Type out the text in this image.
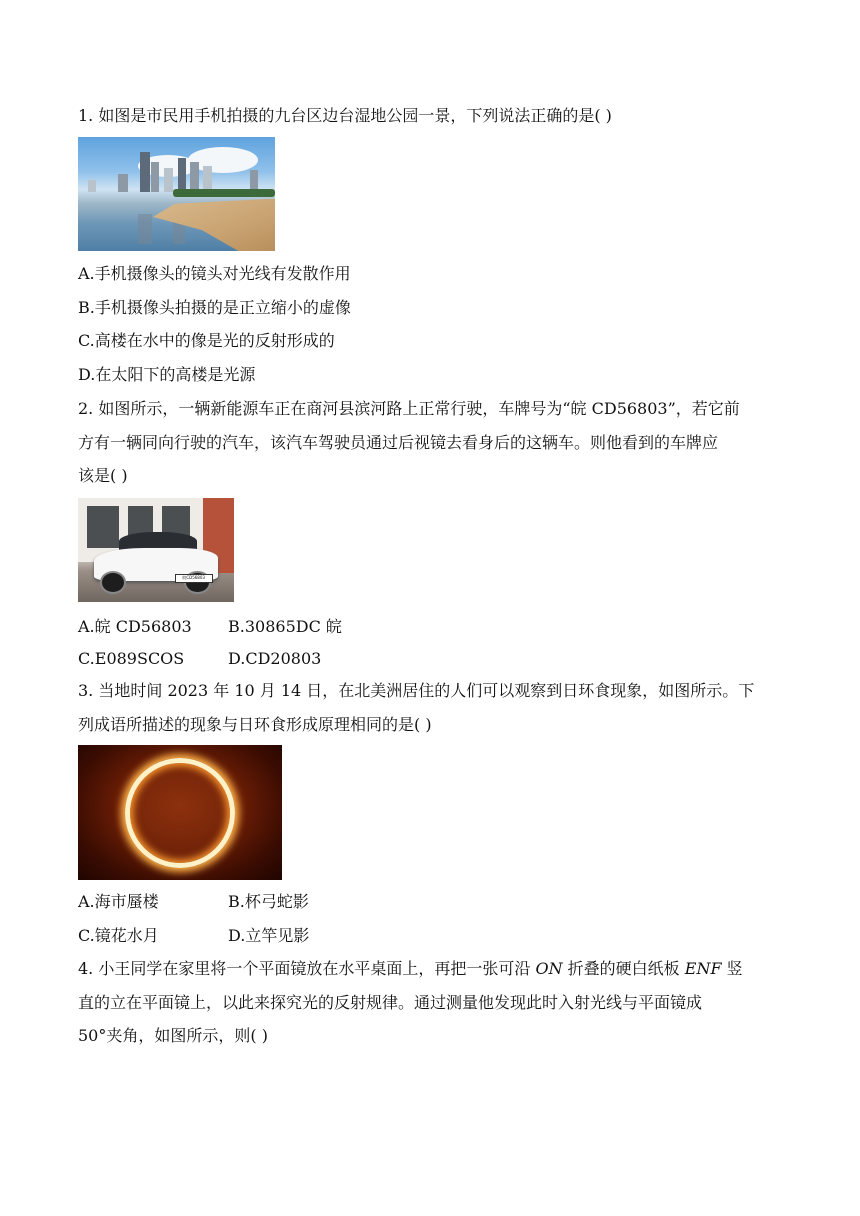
1. 如图是市民用手机拍摄的九台区边台湿地公园一景，下列说法正确的是( )
A.手机摄像头的镜头对光线有发散作用
B.手机摄像头拍摄的是正立缩小的虚像
C.高楼在水中的像是光的反射形成的
D.在太阳下的高楼是光源
2. 如图所示，一辆新能源车正在商河县滨河路上正常行驶，车牌号为“皖 CD56803”，若它前
方有一辆同向行驶的汽车，该汽车驾驶员通过后视镜去看身后的这辆车。则他看到的车牌应
该是( )
皖CD56803
A.皖 CD56803 B.30865DC 皖
C.E089SCOS	D.CD20803
3. 当地时间 2023 年 10 月 14 日，在北美洲居住的人们可以观察到日环食现象，如图所示。下
列成语所描述的现象与日环食形成原理相同的是( )
A.海市蜃楼	B.杯弓蛇影
C.镜花水月	D.立竿见影
4. 小王同学在家里将一个平面镜放在水平桌面上，再把一张可沿 ON 折叠的硬白纸板 ENF 竖
直的立在平面镜上，以此来探究光的反射规律。通过测量他发现此时入射光线与平面镜成
50°夹角，如图所示，则( )
